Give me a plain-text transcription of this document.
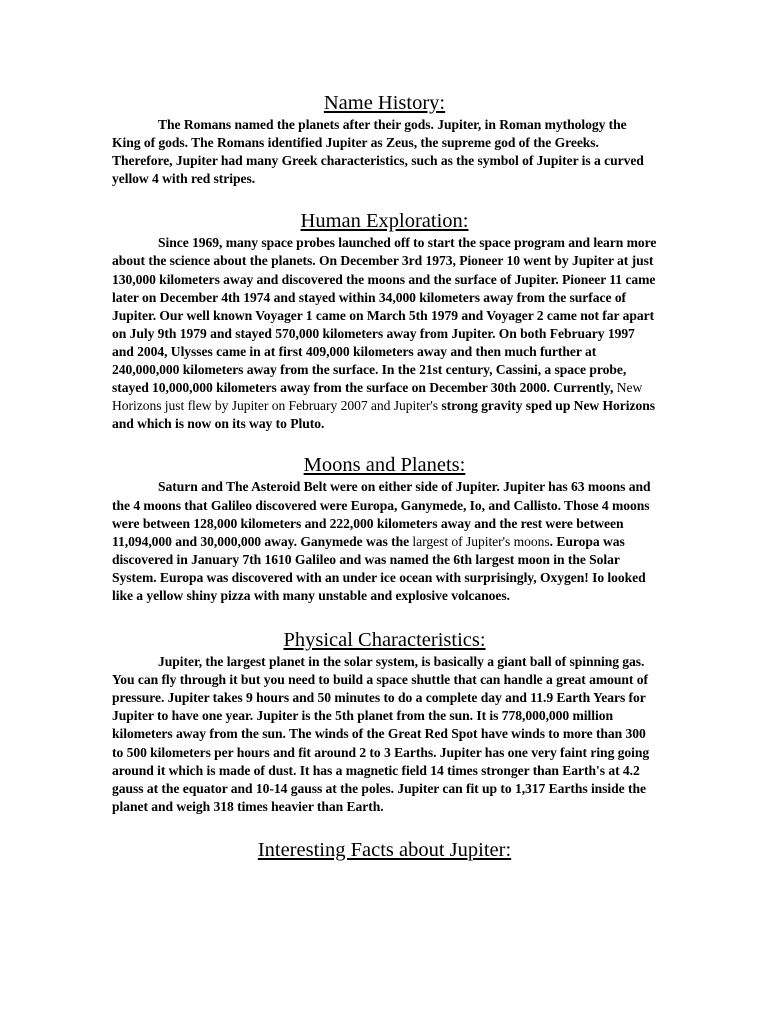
Name History:

The Romans named the planets after their gods. Jupiter, in Roman mythology the King of gods. The Romans identified Jupiter as Zeus, the supreme god of the Greeks. Therefore, Jupiter had many Greek characteristics, such as the symbol of Jupiter is a curved yellow 4 with red stripes.

Human Exploration:

Since 1969, many space probes launched off to start the space program and learn more about the science about the planets. On December 3rd 1973, Pioneer 10 went by Jupiter at just 130,000 kilometers away and discovered the moons and the surface of Jupiter. Pioneer 11 came later on December 4th 1974 and stayed within 34,000 kilometers away from the surface of Jupiter. Our well known Voyager 1 came on March 5th 1979 and Voyager 2 came not far apart on July 9th 1979 and stayed 570,000 kilometers away from Jupiter. On both February 1997 and 2004, Ulysses came in at first 409,000 kilometers away and then much further at 240,000,000 kilometers away from the surface. In the 21st century, Cassini, a space probe, stayed 10,000,000 kilometers away from the surface on December 30th 2000. Currently, New Horizons just flew by Jupiter on February 2007 and Jupiter's strong gravity sped up New Horizons and which is now on its way to Pluto.

Moons and Planets:

Saturn and The Asteroid Belt were on either side of Jupiter. Jupiter has 63 moons and the 4 moons that Galileo discovered were Europa, Ganymede, Io, and Callisto. Those 4 moons were between 128,000 kilometers and 222,000 kilometers away and the rest were between 11,094,000 and 30,000,000 away. Ganymede was the largest of Jupiter's moons. Europa was discovered in January 7th 1610 Galileo and was named the 6th largest moon in the Solar System. Europa was discovered with an under ice ocean with surprisingly, Oxygen! Io looked like a yellow shiny pizza with many unstable and explosive volcanoes.

Physical Characteristics:

Jupiter, the largest planet in the solar system, is basically a giant ball of spinning gas. You can fly through it but you need to build a space shuttle that can handle a great amount of pressure. Jupiter takes 9 hours and 50 minutes to do a complete day and 11.9 Earth Years for Jupiter to have one year. Jupiter is the 5th planet from the sun. It is 778,000,000 million kilometers away from the sun. The winds of the Great Red Spot have winds to more than 300 to 500 kilometers per hours and fit around 2 to 3 Earths. Jupiter has one very faint ring going around it which is made of dust. It has a magnetic field 14 times stronger than Earth's at 4.2 gauss at the equator and 10-14 gauss at the poles. Jupiter can fit up to 1,317 Earths inside the planet and weigh 318 times heavier than Earth.

Interesting Facts about Jupiter:
